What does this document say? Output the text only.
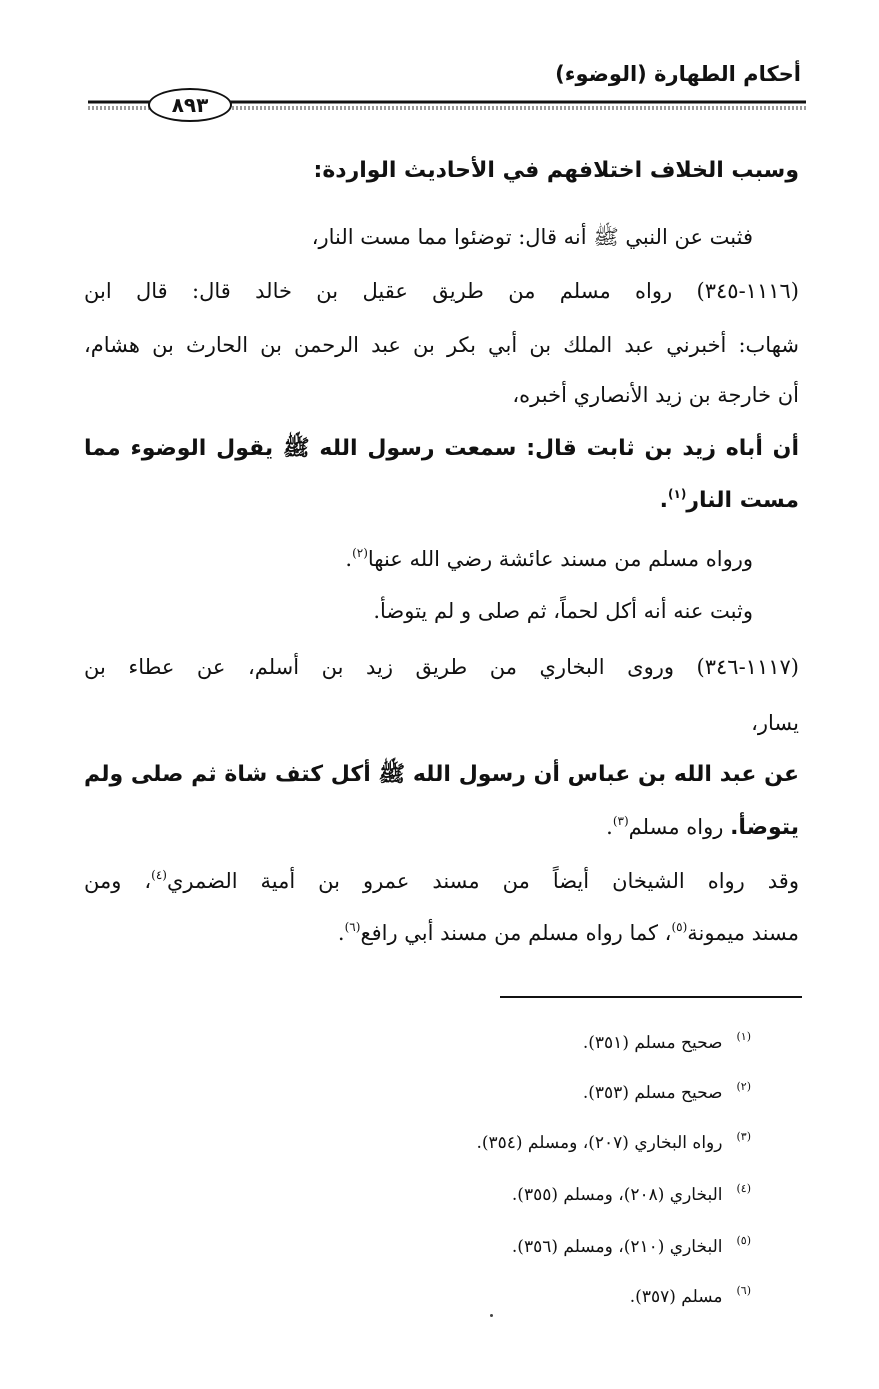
أحكام الطهارة (الوضوء)
٨٩٣
وسبب الخلاف اختلافهم في الأحاديث الواردة:
فثبت عن النبي ﷺ أنه قال: توضئوا مما مست النار،
(١١١٦-٣٤٥) رواه مسلم من طريق عقيل بن خالد قال: قال ابن
شهاب: أخبرني عبد الملك بن أبي بكر بن عبد الرحمن بن الحارث بن هشام،
أن خارجة بن زيد الأنصاري أخبره،
أن أباه زيد بن ثابت قال: سمعت رسول الله ﷺ يقول الوضوء مما
مست النار$^{(١)}$.
ورواه مسلم من مسند عائشة رضي الله عنها$^{(٢)}$.
وثبت عنه أنه أكل لحماً، ثم صلى و لم يتوضأ.
(١١١٧-٣٤٦) وروى البخاري من طريق زيد بن أسلم، عن عطاء بن
يسار،
عن عبد الله بن عباس أن رسول الله ﷺ أكل كتف شاة ثم صلى ولم
يتوضأ. رواه مسلم$^{(٣)}$.
وقد رواه الشيخان أيضاً من مسند عمرو بن أمية الضمري$^{(٤)}$، ومن
مسند ميمونة$^{(٥)}$، كما رواه مسلم من مسند أبي رافع$^{(٦)}$.
$^{(١)}$صحيح مسلم (٣٥١).
$^{(٢)}$صحيح مسلم (٣٥٣).
$^{(٣)}$رواه البخاري (٢٠٧)، ومسلم (٣٥٤).
$^{(٤)}$البخاري (٢٠٨)، ومسلم (٣٥٥).
$^{(٥)}$البخاري (٢١٠)، ومسلم (٣٥٦).
$^{(٦)}$مسلم (٣٥٧).
